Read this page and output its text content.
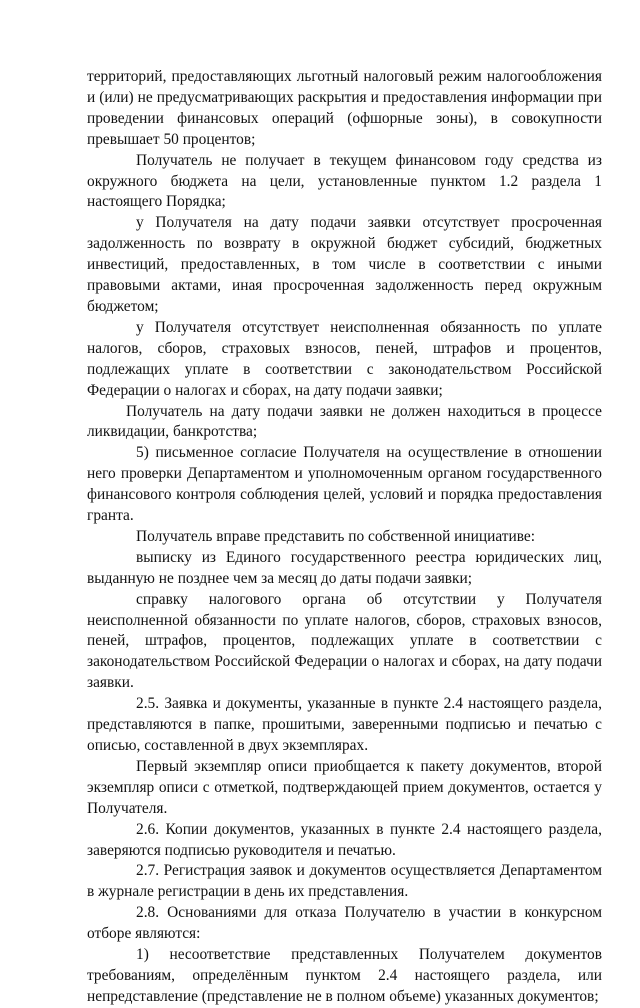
территорий, предоставляющих льготный налоговый режим налогообложения и (или) не предусматривающих раскрытия и предоставления информации при проведении финансовых операций (офшорные зоны), в совокупности превышает 50 процентов;

Получатель не получает в текущем финансовом году средства из окружного бюджета на цели, установленные пунктом 1.2 раздела 1 настоящего Порядка;

у Получателя на дату подачи заявки отсутствует просроченная задолженность по возврату в окружной бюджет субсидий, бюджетных инвестиций, предоставленных, в том числе в соответствии с иными правовыми актами, иная просроченная задолженность перед окружным бюджетом;

у Получателя отсутствует неисполненная обязанность по уплате налогов, сборов, страховых взносов, пеней, штрафов и процентов, подлежащих уплате в соответствии с законодательством Российской Федерации о налогах и сборах, на дату подачи заявки;

Получатель на дату подачи заявки не должен находиться в процессе ликвидации, банкротства;

5) письменное согласие Получателя на осуществление в отношении него проверки Департаментом и уполномоченным органом государственного финансового контроля соблюдения целей, условий и порядка предоставления гранта.

Получатель вправе представить по собственной инициативе:

выписку из Единого государственного реестра юридических лиц, выданную не позднее чем за месяц до даты подачи заявки;

справку налогового органа об отсутствии у Получателя неисполненной обязанности по уплате налогов, сборов, страховых взносов, пеней, штрафов, процентов, подлежащих уплате в соответствии с законодательством Российской Федерации о налогах и сборах, на дату подачи заявки.

2.5. Заявка и документы, указанные в пункте 2.4 настоящего раздела, представляются в папке, прошитыми, заверенными подписью и печатью с описью, составленной в двух экземплярах.

Первый экземпляр описи приобщается к пакету документов, второй экземпляр описи с отметкой, подтверждающей прием документов, остается у Получателя.

2.6. Копии документов, указанных в пункте 2.4 настоящего раздела, заверяются подписью руководителя и печатью.

2.7. Регистрация заявок и документов осуществляется Департаментом в журнале регистрации в день их представления.

2.8. Основаниями для отказа Получателю в участии в конкурсном отборе являются:

1) несоответствие представленных Получателем документов требованиям, определённым пунктом 2.4 настоящего раздела, или непредставление (представление не в полном объеме) указанных документов;
